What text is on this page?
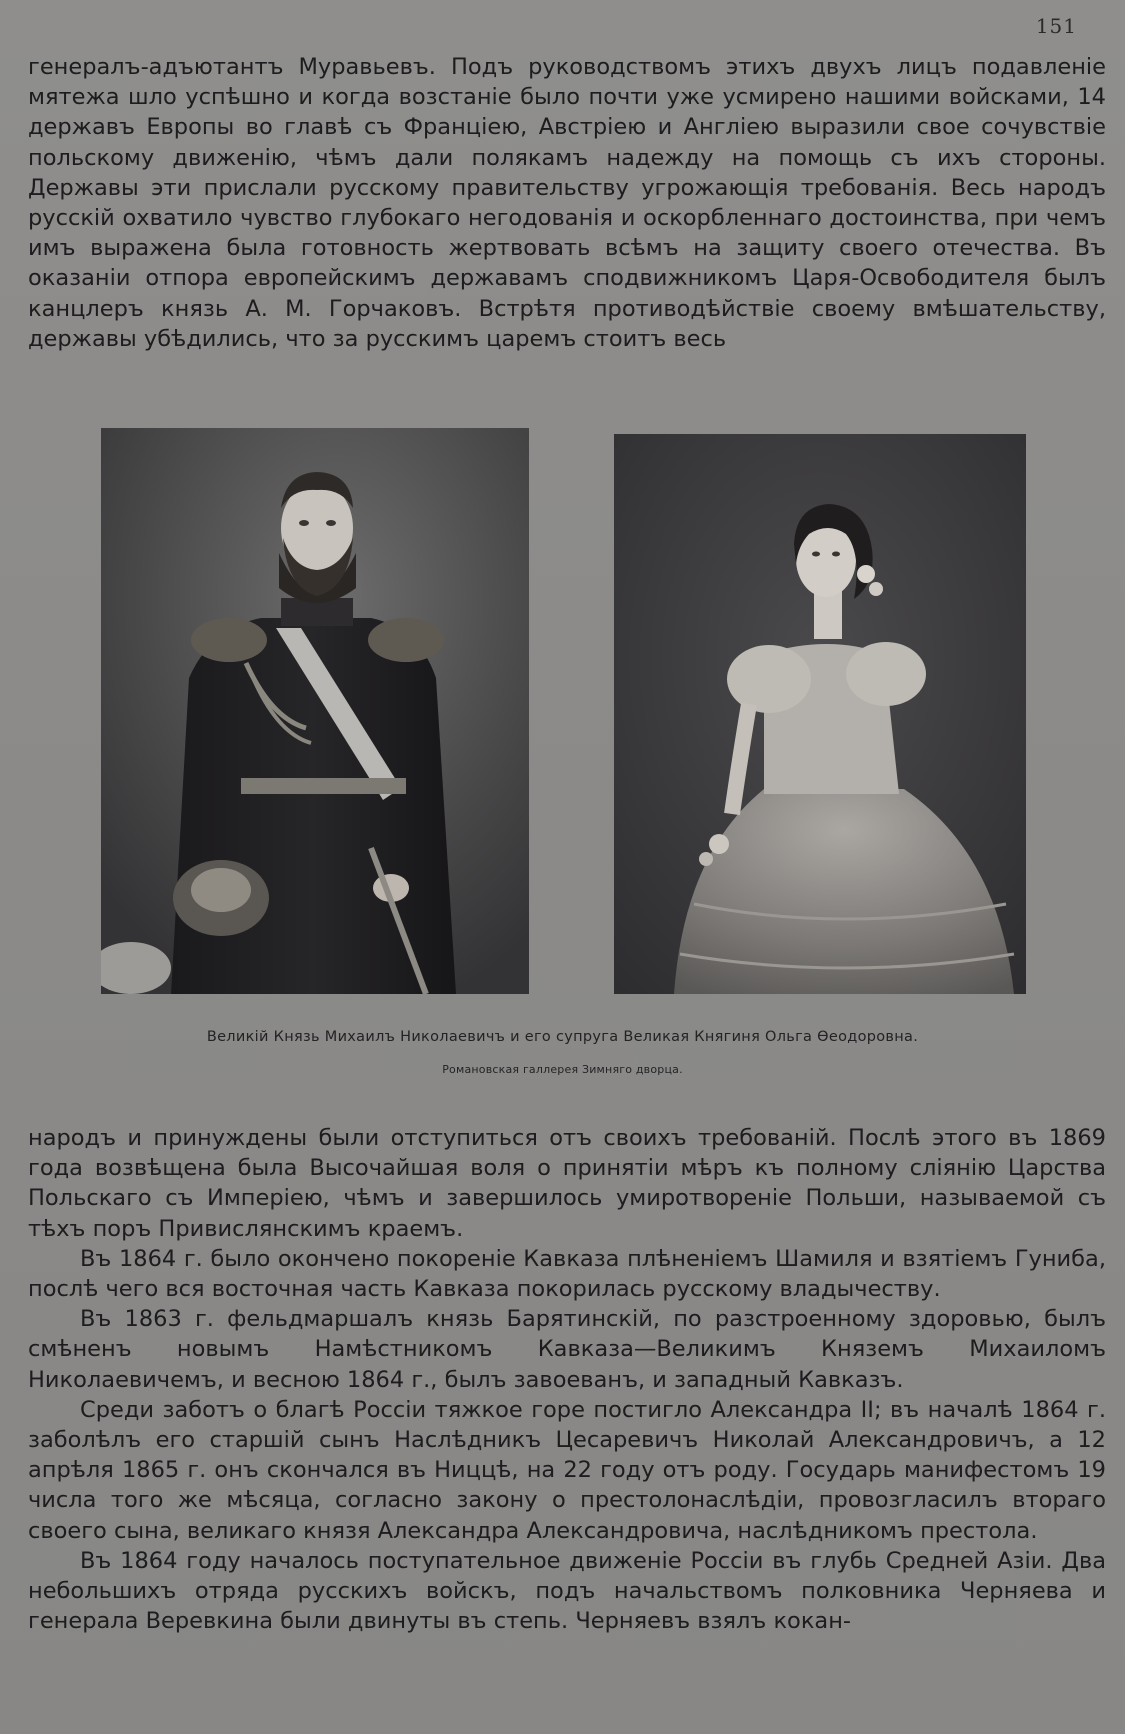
151

генералъ-адъютантъ Муравьевъ. Подъ руководствомъ этихъ двухъ лицъ подавленіе мятежа шло успѣшно и когда возстаніе было почти уже усмирено нашими войсками, 14 державъ Европы во главѣ съ Франціею, Австріею и Англіею выразили свое сочувствіе польскому движенію, чѣмъ дали полякамъ надежду на помощь съ ихъ стороны. Державы эти прислали русскому правительству угрожающія требованія. Весь народъ русскій охватило чувство глубокаго негодованія и оскорбленнаго достоинства, при чемъ имъ выражена была готовность жертвовать всѣмъ на защиту своего отечества. Въ оказаніи отпора европейскимъ державамъ сподвижникомъ Царя-Освободителя былъ канцлеръ князь А. М. Горчаковъ. Встрѣтя противодѣйствіе своему вмѣшательству, державы убѣдились, что за русскимъ царемъ стоитъ весь

Великій Князь Михаилъ Николаевичъ и его супруга Великая Княгиня Ольга Ѳеодоровна.
Романовская галлерея Зимняго дворца.

народъ и принуждены были отступиться отъ своихъ требованій. Послѣ этого въ 1869 года возвѣщена была Высочайшая воля о принятіи мѣръ къ полному слiянiю Царства Польскаго съ Имперіею, чѣмъ и завершилось умиротвореніе Польши, называемой съ тѣхъ поръ Привислянскимъ краемъ.

Въ 1864 г. было окончено покореніе Кавказа плѣненіемъ Шамиля и взятіемъ Гуниба, послѣ чего вся восточная часть Кавказа покорилась русскому владычеству.

Въ 1863 г. фельдмаршалъ князь Барятинскій, по разстроенному здоровью, былъ смѣненъ новымъ Намѣстникомъ Кавказа—Великимъ Княземъ Михаиломъ Николаевичемъ, и весною 1864 г., былъ завоеванъ, и западный Кавказъ.

Среди заботъ о благѣ Россіи тяжкое горе постигло Александра II; въ началѣ 1864 г. заболѣлъ его старшій сынъ Наслѣдникъ Цесаревичъ Николай Александровичъ, а 12 апрѣля 1865 г. онъ скончался въ Ниццѣ, на 22 году отъ роду. Государь манифестомъ 19 числа того же мѣсяца, согласно закону о престолонаслѣдіи, провозгласилъ втораго своего сына, великаго князя Александра Александровича, наслѣдникомъ престола.

Въ 1864 году началось поступательное движеніе Россіи въ глубь Средней Азіи. Два небольшихъ отряда русскихъ войскъ, подъ начальствомъ полковника Черняева и генерала Веревкина были двинуты въ степь. Черняевъ взялъ кокан-
